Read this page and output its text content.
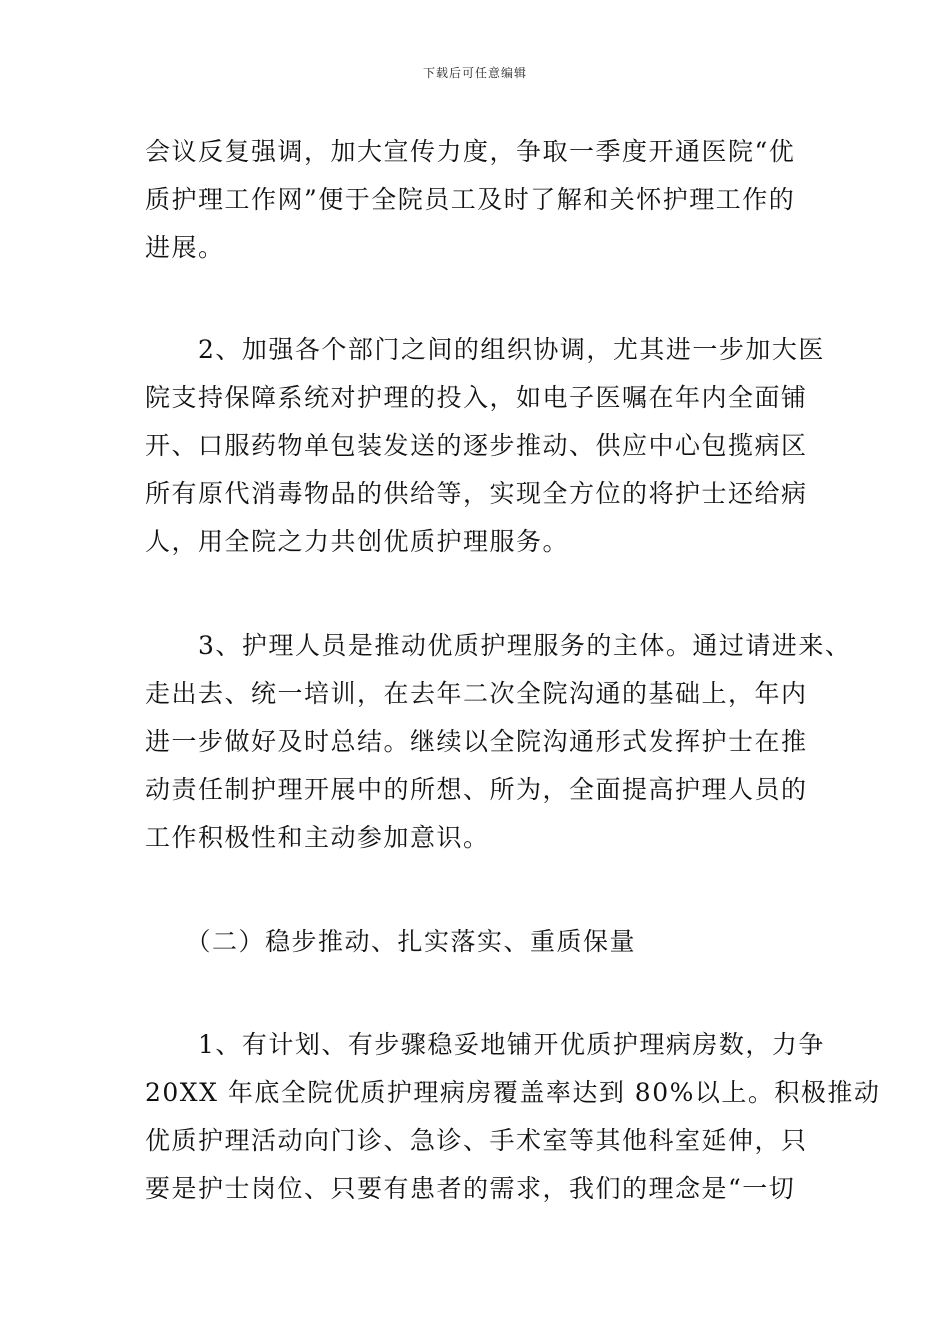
下载后可任意编辑
会议反复强调，加大宣传力度，争取一季度开通医院“优
质护理工作网”便于全院员工及时了解和关怀护理工作的
进展。
　　2、加强各个部门之间的组织协调，尤其进一步加大医
院支持保障系统对护理的投入，如电子医嘱在年内全面铺
开、口服药物单包装发送的逐步推动、供应中心包揽病区
所有原代消毒物品的供给等，实现全方位的将护士还给病
人，用全院之力共创优质护理服务。
　　3、护理人员是推动优质护理服务的主体。通过请进来、
走出去、统一培训，在去年二次全院沟通的基础上，年内
进一步做好及时总结。继续以全院沟通形式发挥护士在推
动责任制护理开展中的所想、所为，全面提高护理人员的
工作积极性和主动参加意识。
　　（二）稳步推动、扎实落实、重质保量
　　1、有计划、有步骤稳妥地铺开优质护理病房数，力争
20XX 年底全院优质护理病房覆盖率达到 80%以上。积极推动
优质护理活动向门诊、急诊、手术室等其他科室延伸，只
要是护士岗位、只要有患者的需求，我们的理念是“一切
